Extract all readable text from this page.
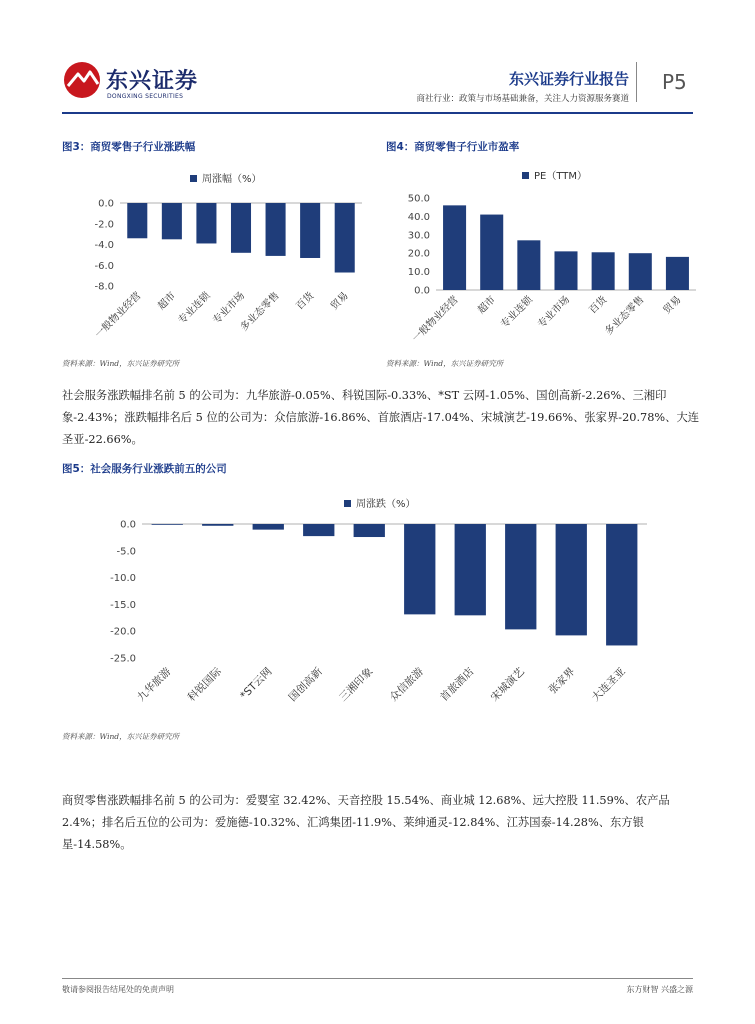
东兴证券
DONGXING SECURITIES
东兴证券行业报告
商社行业：政策与市场基础兼备，关注人力资源服务赛道
P5
图3：商贸零售子行业涨跌幅	图4：商贸零售子行业市盈率
周涨幅（%）
0.0
-2.0
-4.0
-6.0
-8.0
一般物业经营 超市
专业连锁
专业市场
多业态零售 百货 贸易
PE（TTM）
50.0
40.0
30.0
20.0
10.0
0.0
一般物业经营 超市 专业连锁 专业市场 百货
多业态零售 贸易
资料来源：Wind，东兴证券研究所	资料来源：Wind，东兴证券研究所
社会服务涨跌幅排名前 5 的公司为：九华旅游-0.05%、科锐国际-0.33%、*ST 云网-1.05%、国创高新-2.26%、三湘印象-2.43%；涨跌幅排名后 5 位的公司为：众信旅游-16.86%、首旅酒店-17.04%、宋城演艺-19.66%、张家界-20.78%、大连圣亚-22.66%。
图5：社会服务行业涨跌前五的公司
周涨跌（%）
0.0
-5.0
-10.0
-15.0
-20.0
-25.0
九华旅游 科锐国际 *ST云网 国创高新 三湘印象 众信旅游 首旅酒店 宋城演艺 张家界 大连圣亚
资料来源：Wind，东兴证券研究所
商贸零售涨跌幅排名前 5 的公司为：爱婴室 32.42%、天音控股 15.54%、商业城 12.68%、远大控股 11.59%、农产品 2.4%；排名后五位的公司为：爱施德-10.32%、汇鸿集团-11.9%、莱绅通灵-12.84%、江苏国泰-14.28%、东方银星-14.58%。
敬请参阅报告结尾处的免责声明	东方财智 兴盛之源
